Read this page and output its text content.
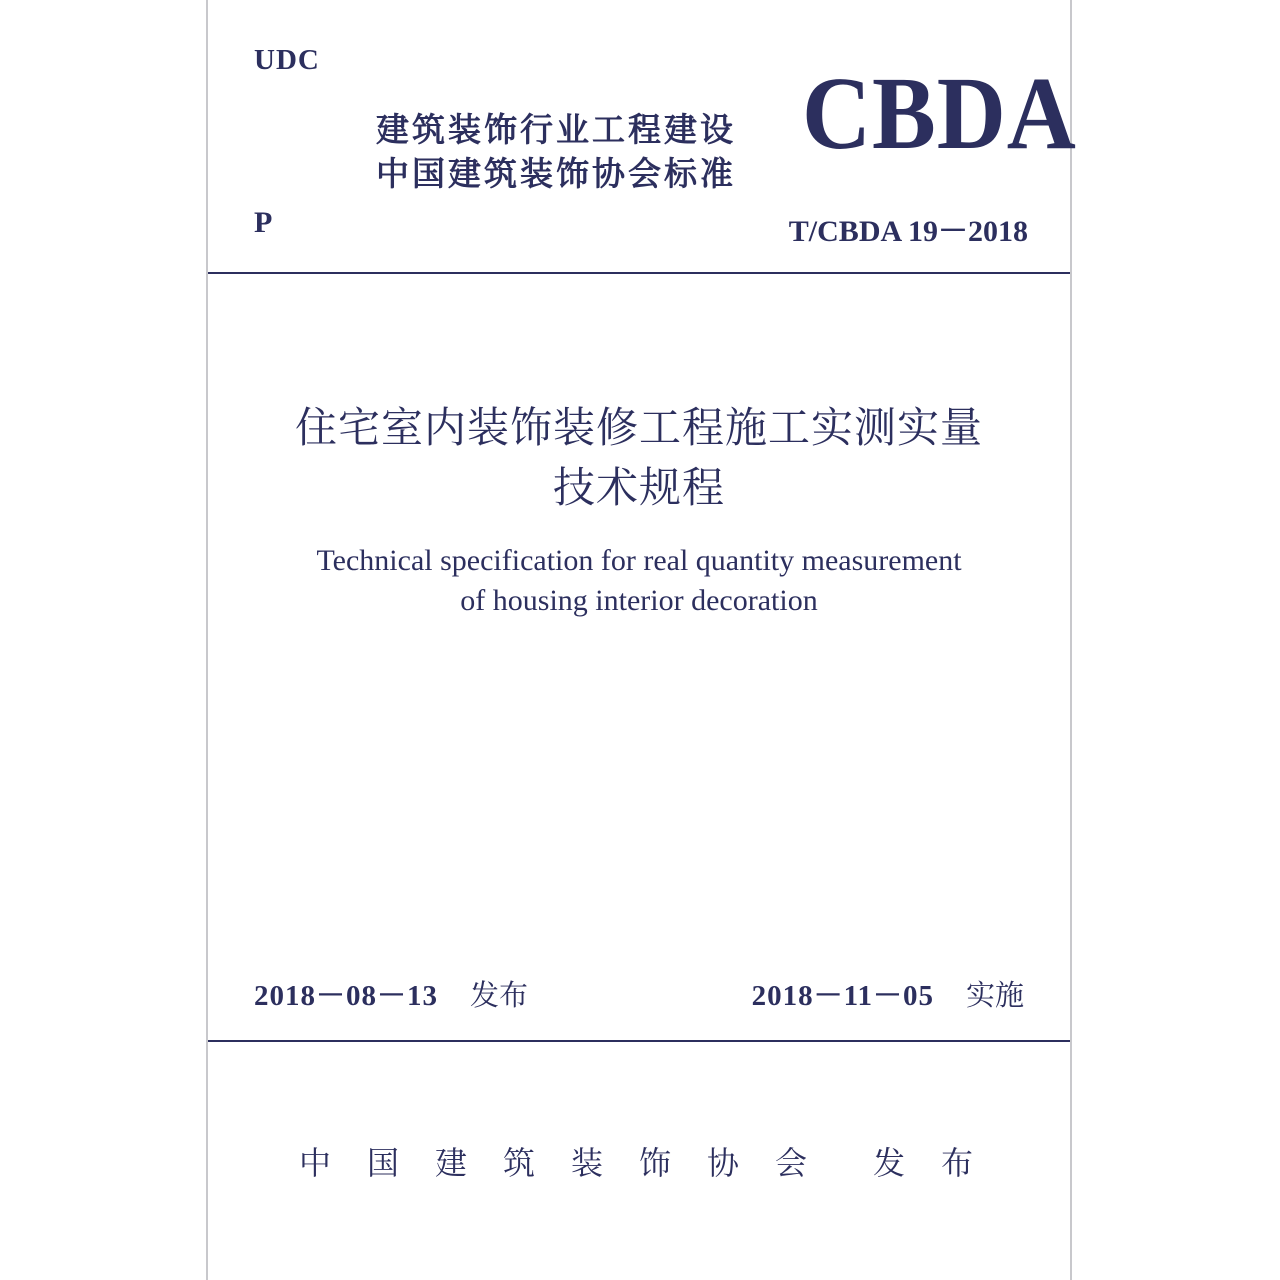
UDC
建筑装饰行业工程建设
中国建筑装饰协会标准
CBDA
P	T/CBDA 19－2018
住宅室内装饰装修工程施工实测实量
技术规程
Technical specification for real quantity measurement
of housing interior decoration
2018－08－13 发布	2018－11－05 实施
中国建筑装饰协会 发布
